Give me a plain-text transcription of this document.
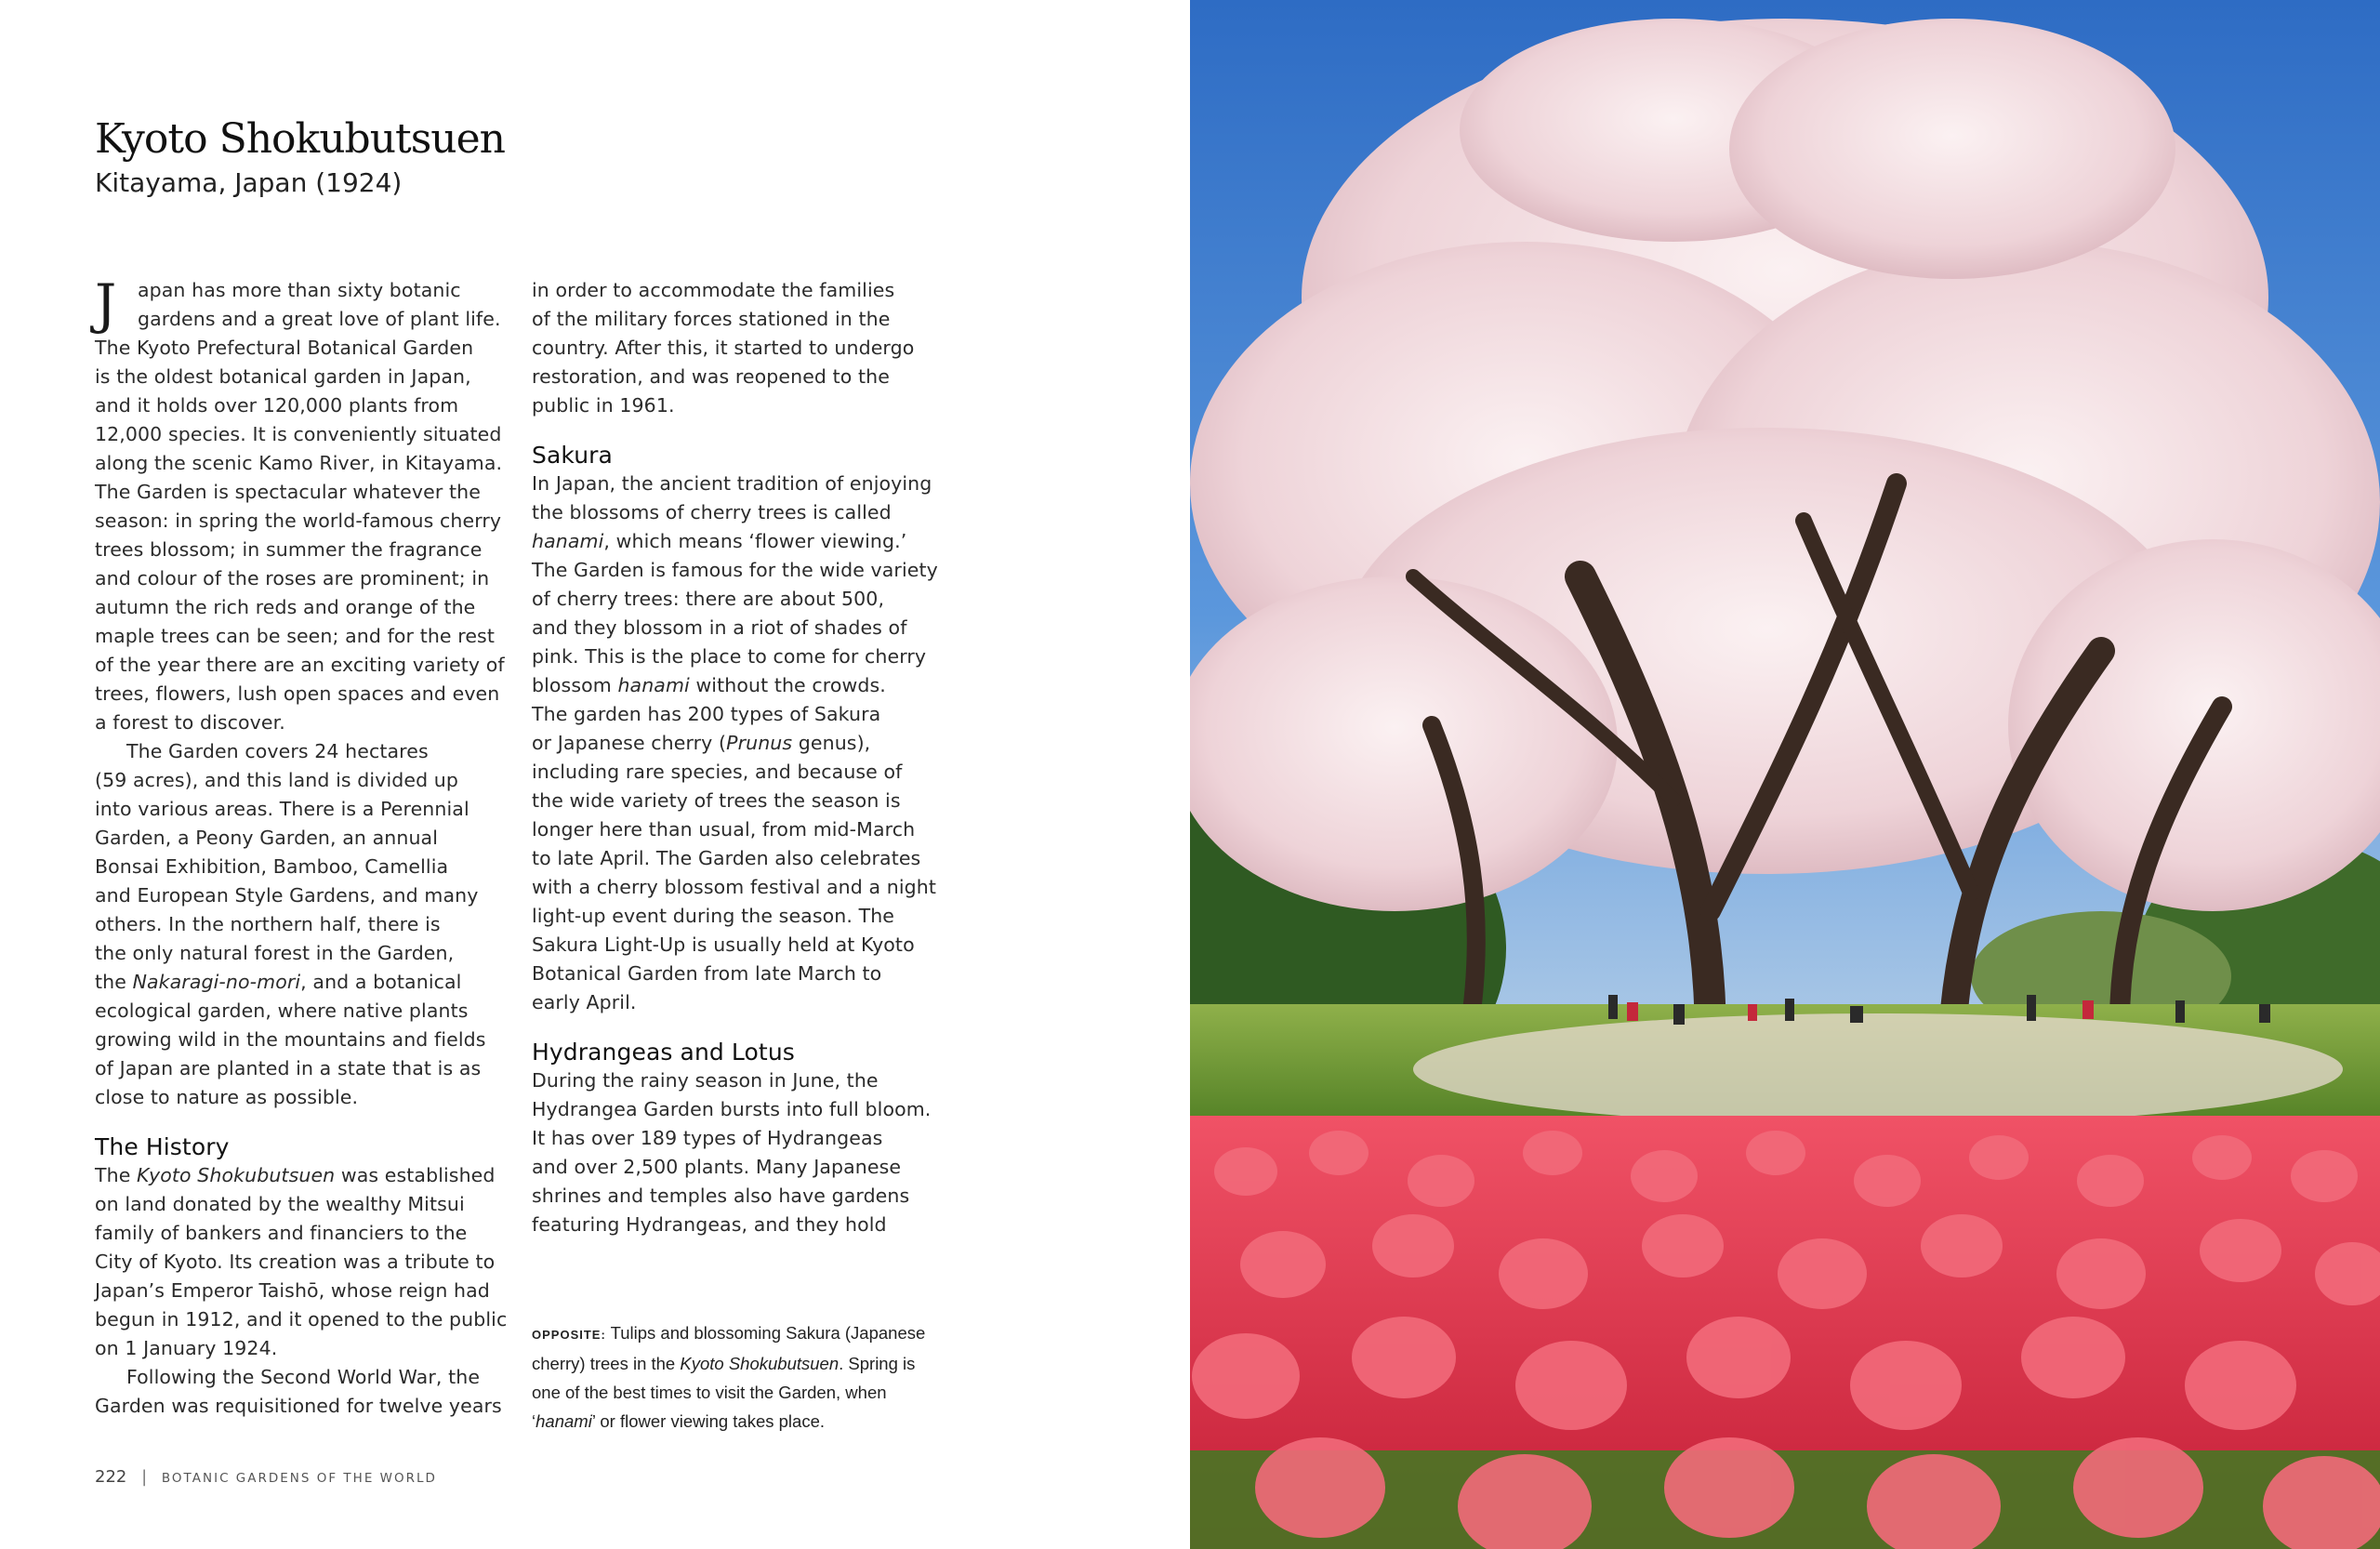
Kyoto Shokubutsuen
Kitayama, Japan (1924)
J apan has more than sixty botanic
gardens and a great love of plant life.
The Kyoto Prefectural Botanical Garden
is the oldest botanical garden in Japan,
and it holds over 120,000 plants from
12,000 species. It is conveniently situated
along the scenic Kamo River, in Kitayama.
The Garden is spectacular whatever the
season: in spring the world-famous cherry
trees blossom; in summer the fragrance
and colour of the roses are prominent; in
autumn the rich reds and orange of the
maple trees can be seen; and for the rest
of the year there are an exciting variety of
trees, flowers, lush open spaces and even
a forest to discover.
The Garden covers 24 hectares
(59 acres), and this land is divided up
into various areas. There is a Perennial
Garden, a Peony Garden, an annual
Bonsai Exhibition, Bamboo, Camellia
and European Style Gardens, and many
others. In the northern half, there is
the only natural forest in the Garden,
the Nakaragi-no-mori, and a botanical
ecological garden, where native plants
growing wild in the mountains and fields
of Japan are planted in a state that is as
close to nature as possible.
The History
The Kyoto Shokubutsuen was established
on land donated by the wealthy Mitsui
family of bankers and financiers to the
City of Kyoto. Its creation was a tribute to
Japan’s Emperor Taishō, whose reign had
begun in 1912, and it opened to the public
on 1 January 1924.
Following the Second World War, the
Garden was requisitioned for twelve years
in order to accommodate the families
of the military forces stationed in the
country. After this, it started to undergo
restoration, and was reopened to the
public in 1961.
Sakura
In Japan, the ancient tradition of enjoying
the blossoms of cherry trees is called
hanami, which means ‘flower viewing.’
The Garden is famous for the wide variety
of cherry trees: there are about 500,
and they blossom in a riot of shades of
pink. This is the place to come for cherry
blossom hanami without the crowds.
The garden has 200 types of Sakura
or Japanese cherry (Prunus genus),
including rare species, and because of
the wide variety of trees the season is
longer here than usual, from mid-March
to late April. The Garden also celebrates
with a cherry blossom festival and a night
light-up event during the season. The
Sakura Light-Up is usually held at Kyoto
Botanical Garden from late March to
early April.
Hydrangeas and Lotus
During the rainy season in June, the
Hydrangea Garden bursts into full bloom.
It has over 189 types of Hydrangeas
and over 2,500 plants. Many Japanese
shrines and temples also have gardens
featuring Hydrangeas, and they hold
OPPOSITE: Tulips and blossoming Sakura (Japanese
cherry) trees in the Kyoto Shokubutsuen. Spring is
one of the best times to visit the Garden, when
‘hanami’ or flower viewing takes place.
222 | BOTANIC GARDENS OF THE WORLD
